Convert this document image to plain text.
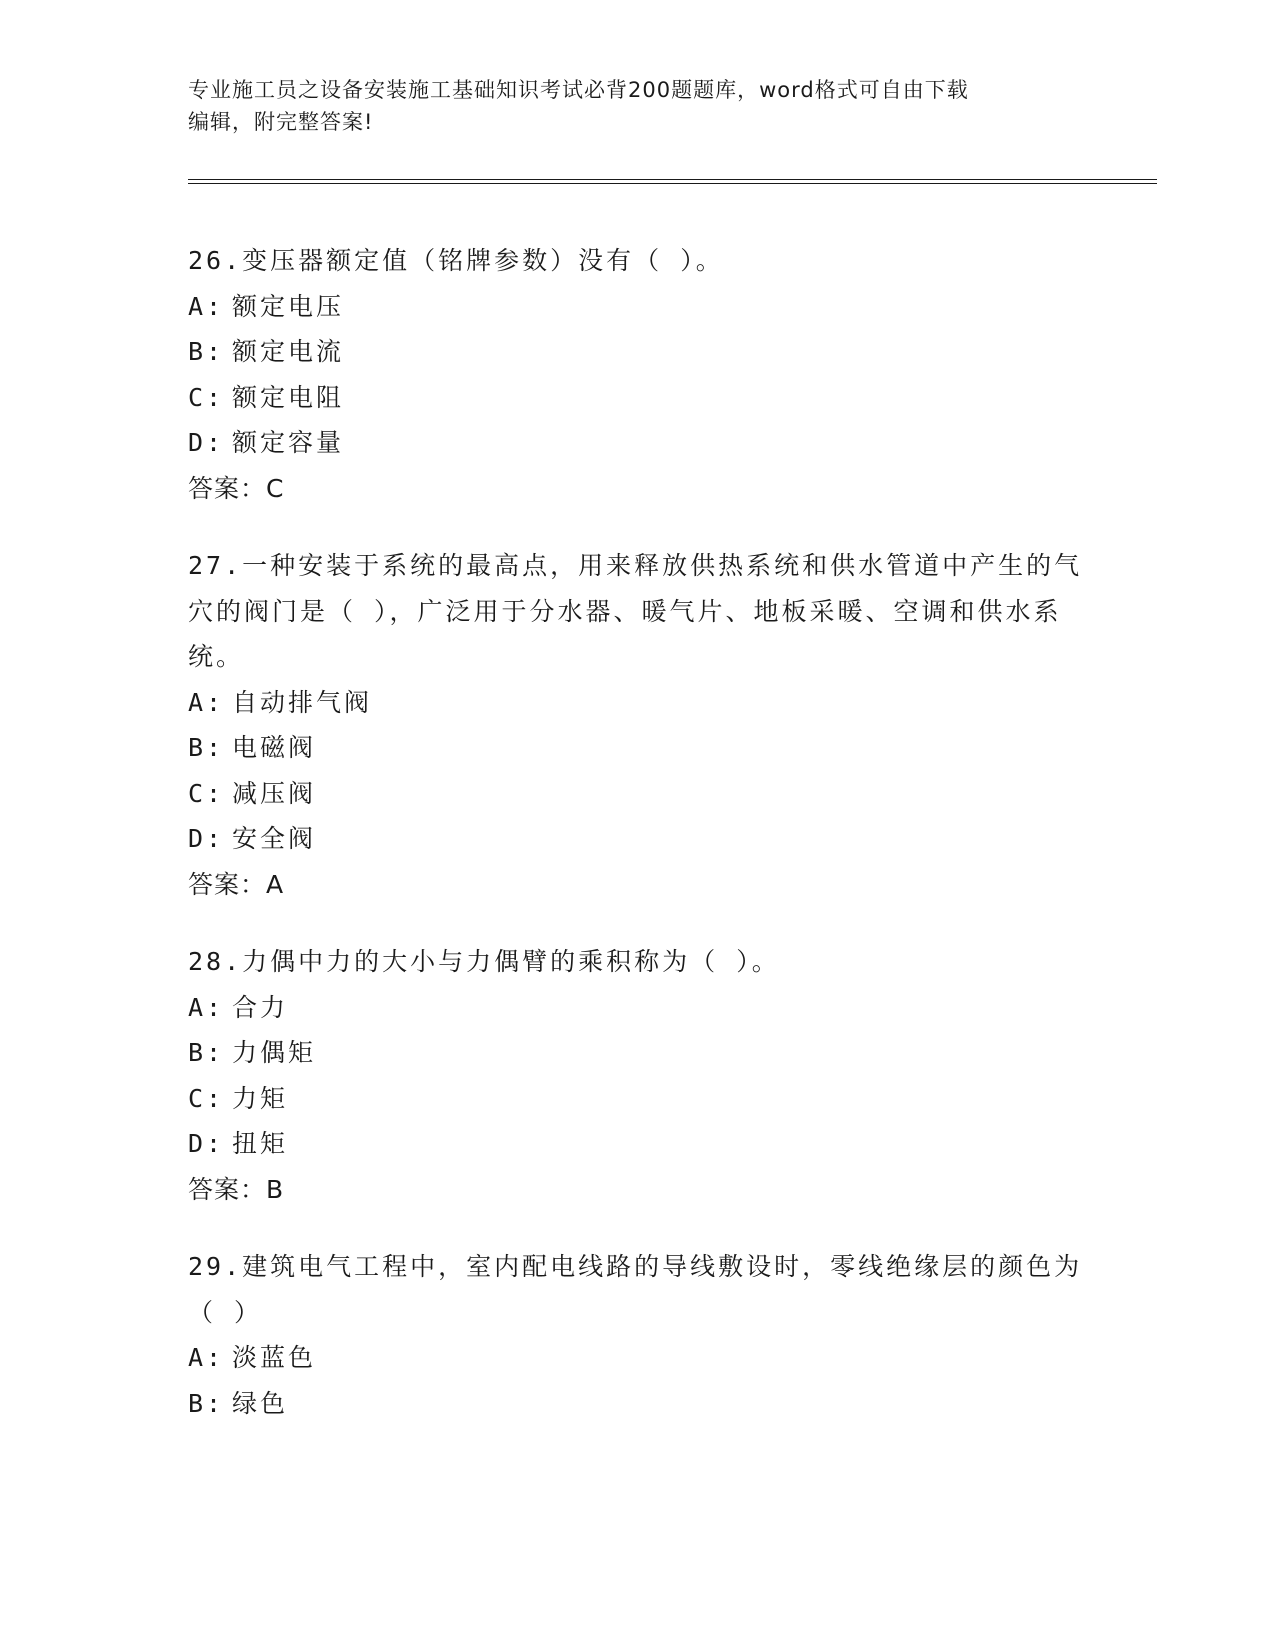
专业施工员之设备安装施工基础知识考试必背200题题库，word格式可自由下载
编辑，附完整答案!
26.变压器额定值（铭牌参数）没有（ ）。
A: 额定电压
B: 额定电流
C: 额定电阻
D: 额定容量
答案：C
27.一种安装于系统的最高点，用来释放供热系统和供水管道中产生的气穴的阀门是（ ），广泛用于分水器、暖气片、地板采暖、空调和供水系统。
A: 自动排气阀
B: 电磁阀
C: 减压阀
D: 安全阀
答案：A
28.力偶中力的大小与力偶臂的乘积称为（ ）。
A: 合力
B: 力偶矩
C: 力矩
D: 扭矩
答案：B
29.建筑电气工程中，室内配电线路的导线敷设时，零线绝缘层的颜色为（ ）
A: 淡蓝色
B: 绿色
